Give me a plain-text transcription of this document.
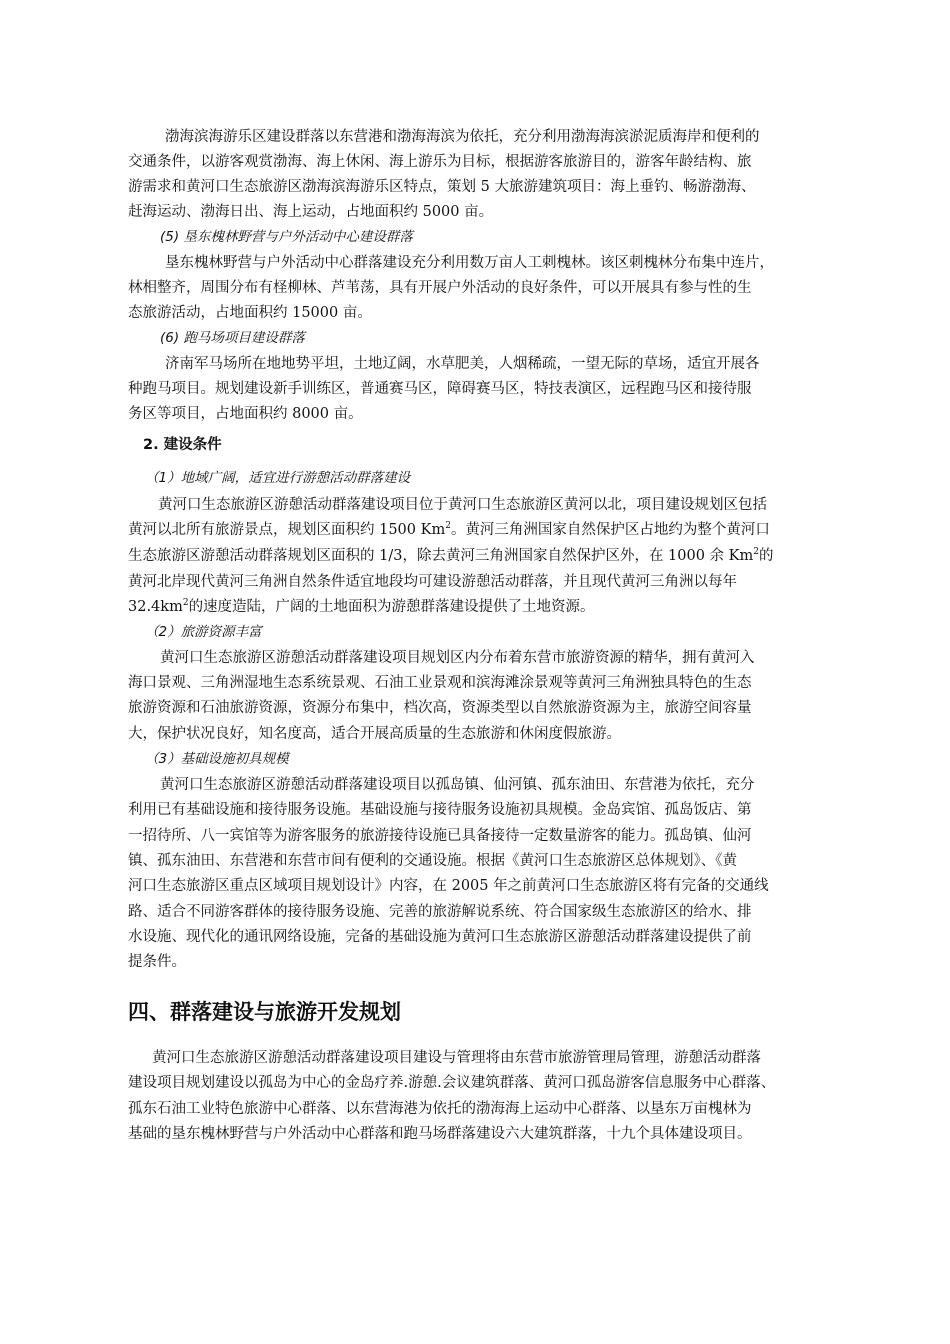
渤海滨海游乐区建设群落以东营港和渤海海滨为依托，充分利用渤海海滨淤泥质海岸和便利的
交通条件，以游客观赏渤海、海上休闲、海上游乐为目标，根据游客旅游目的，游客年龄结构、旅
游需求和黄河口生态旅游区渤海滨海游乐区特点，策划 5 大旅游建筑项目：海上垂钓、畅游渤海、
赶海运动、渤海日出、海上运动，占地面积约 5000 亩。
(5) 垦东槐林野营与户外活动中心建设群落
垦东槐林野营与户外活动中心群落建设充分利用数万亩人工刺槐林。该区刺槐林分布集中连片，
林相整齐，周围分布有柽柳林、芦苇荡，具有开展户外活动的良好条件，可以开展具有参与性的生
态旅游活动，占地面积约 15000 亩。
(6) 跑马场项目建设群落
济南军马场所在地地势平坦，土地辽阔，水草肥美，人烟稀疏，一望无际的草场，适宜开展各
种跑马项目。规划建设新手训练区，普通赛马区，障碍赛马区，特技表演区，远程跑马区和接待服
务区等项目，占地面积约 8000 亩。
2. 建设条件
（1）地域广阔，适宜进行游憩活动群落建设
黄河口生态旅游区游憩活动群落建设项目位于黄河口生态旅游区黄河以北，项目建设规划区包括
黄河以北所有旅游景点，规划区面积约 1500 Km$^2$。黄河三角洲国家自然保护区占地约为整个黄河口
生态旅游区游憩活动群落规划区面积的 1/3，除去黄河三角洲国家自然保护区外，在 1000 余 Km$^2$的
黄河北岸现代黄河三角洲自然条件适宜地段均可建设游憩活动群落，并且现代黄河三角洲以每年
$32.4km^2$的速度造陆，广阔的土地面积为游憩群落建设提供了土地资源。
（2）旅游资源丰富
黄河口生态旅游区游憩活动群落建设项目规划区内分布着东营市旅游资源的精华，拥有黄河入
海口景观、三角洲湿地生态系统景观、石油工业景观和滨海滩涂景观等黄河三角洲独具特色的生态
旅游资源和石油旅游资源，资源分布集中，档次高，资源类型以自然旅游资源为主，旅游空间容量
大，保护状况良好，知名度高，适合开展高质量的生态旅游和休闲度假旅游。
（3）基础设施初具规模
黄河口生态旅游区游憩活动群落建设项目以孤岛镇、仙河镇、孤东油田、东营港为依托，充分
利用已有基础设施和接待服务设施。基础设施与接待服务设施初具规模。金岛宾馆、孤岛饭店、第
一招待所、八一宾馆等为游客服务的旅游接待设施已具备接待一定数量游客的能力。孤岛镇、仙河
镇、孤东油田、东营港和东营市间有便利的交通设施。根据《黄河口生态旅游区总体规划》、《黄
河口生态旅游区重点区域项目规划设计》内容，在 2005 年之前黄河口生态旅游区将有完备的交通线
路、适合不同游客群体的接待服务设施、完善的旅游解说系统、符合国家级生态旅游区的给水、排
水设施、现代化的通讯网络设施，完备的基础设施为黄河口生态旅游区游憩活动群落建设提供了前
提条件。
四、群落建设与旅游开发规划
黄河口生态旅游区游憩活动群落建设项目建设与管理将由东营市旅游管理局管理，游憩活动群落
建设项目规划建设以孤岛为中心的金岛疗养.游憩.会议建筑群落、黄河口孤岛游客信息服务中心群落、
孤东石油工业特色旅游中心群落、以东营海港为依托的渤海海上运动中心群落、以垦东万亩槐林为
基础的垦东槐林野营与户外活动中心群落和跑马场群落建设六大建筑群落，十九个具体建设项目。
